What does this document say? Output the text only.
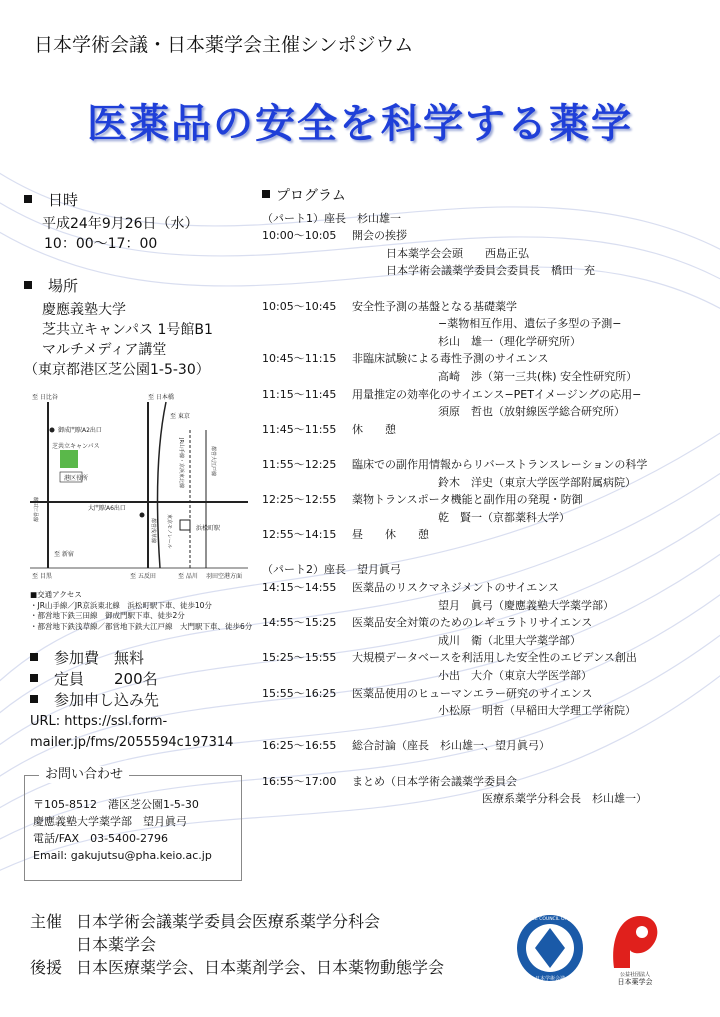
日本学術会議・日本薬学会主催シンポジウム
医薬品の安全を科学する薬学
日時
平成24年9月26日（水）
10：00〜17：00
場所
慶應義塾大学
芝共立キャンパス 1号館B1
マルチメディア講堂
（東京都港区芝公園1-5-30）
至 日比谷	至 日本橋
御成門駅A2出口
芝共立キャンパス
港区役所
大門駅A6出口
浜松町駅
至 新宿
至 東京
至 品川
至 五反田	羽田空港方面
至 目黒
都営三田線
JR山手線・京浜東北線	都営大江戸線
都営浅草線 東京モノレール
■交通アクセス
・JR山手線／JR京浜東北線　浜松町駅下車、徒歩10分
・都営地下鉄三田線　御成門駅下車、徒歩2分
・都営地下鉄浅草線／都営地下鉄大江戸線　大門駅下車、徒歩6分
参加費　無料
定員　　200名
参加申し込み先
URL: https://ssl.form-
mailer.jp/fms/2055594c197314
お問い合わせ
〒105-8512　港区芝公園1-5-30
慶應義塾大学薬学部　望月眞弓
電話/FAX　03-5400-2796
Email: gakujutsu@pha.keio.ac.jp
プログラム
（パート1）座長　杉山雄一
10:00〜10:05	開会の挨拶
日本薬学会会頭　　西島正弘
日本学術会議薬学委員会委員長　橋田　充
10:05〜10:45	安全性予測の基盤となる基礎薬学
−薬物相互作用、遺伝子多型の予測−
杉山　雄一（理化学研究所）
10:45〜11:15	非臨床試験による毒性予測のサイエンス
高崎　渉（第一三共(株) 安全性研究所）
11:15〜11:45	用量推定の効率化のサイエンス−PETイメージングの応用−
須原　哲也（放射線医学総合研究所）
11:45〜11:55	休　　憩
11:55〜12:25	臨床での副作用情報からリバーストランスレーションの科学
鈴木　洋史（東京大学医学部附属病院）
12:25〜12:55	薬物トランスポータ機能と副作用の発現・防御
乾　賢一（京都薬科大学）
12:55〜14:15	昼　　休　　憩
（パート2）座長　望月眞弓
14:15〜14:55	医薬品のリスクマネジメントのサイエンス
望月　眞弓（慶應義塾大学薬学部）
14:55〜15:25	医薬品安全対策のためのレギュラトリサイエンス
成川　衛（北里大学薬学部）
15:25〜15:55	大規模データベースを利活用した安全性のエビデンス創出
小出　大介（東京大学医学部）
15:55〜16:25	医薬品使用のヒューマンエラー研究のサイエンス
小松原　明哲（早稲田大学理工学術院）
16:25〜16:55	総合討論（座長　杉山雄一、望月眞弓）
16:55〜17:00	まとめ（日本学術会議薬学委員会
医療系薬学分科会長　杉山雄一）
主催 日本学術会議薬学委員会医療系薬学分科会
日本薬学会
後援 日本医療薬学会、日本薬剤学会、日本薬物動態学会
SCIENCE COUNCIL OF JAPAN
日本学術会議
公益社団法人
日本薬学会
